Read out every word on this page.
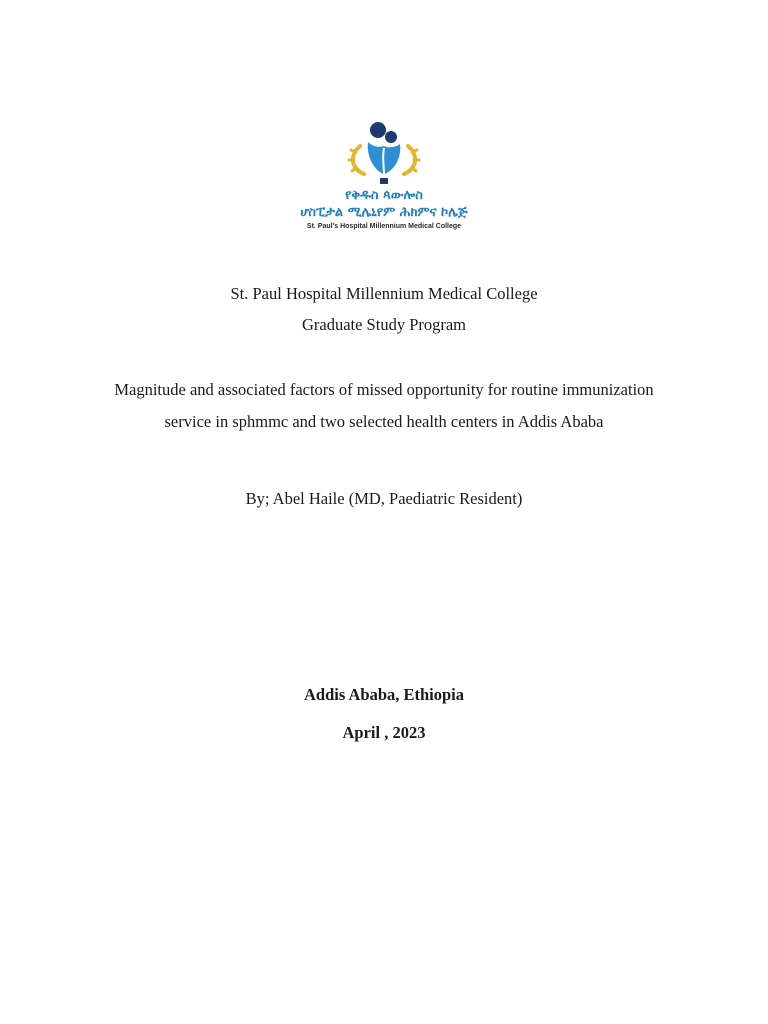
የቅዱስ ጳውሎስ
ሆስፒታል ሚሌኒየም ሕክምና ኮሌጅ
St. Paul's Hospital Millennium Medical College
St. Paul Hospital Millennium Medical College
Graduate Study Program
Magnitude and associated factors of missed opportunity for routine immunization
service in sphmmc and two selected health centers in Addis Ababa
By; Abel Haile (MD, Paediatric Resident)
Addis Ababa, Ethiopia
April , 2023
